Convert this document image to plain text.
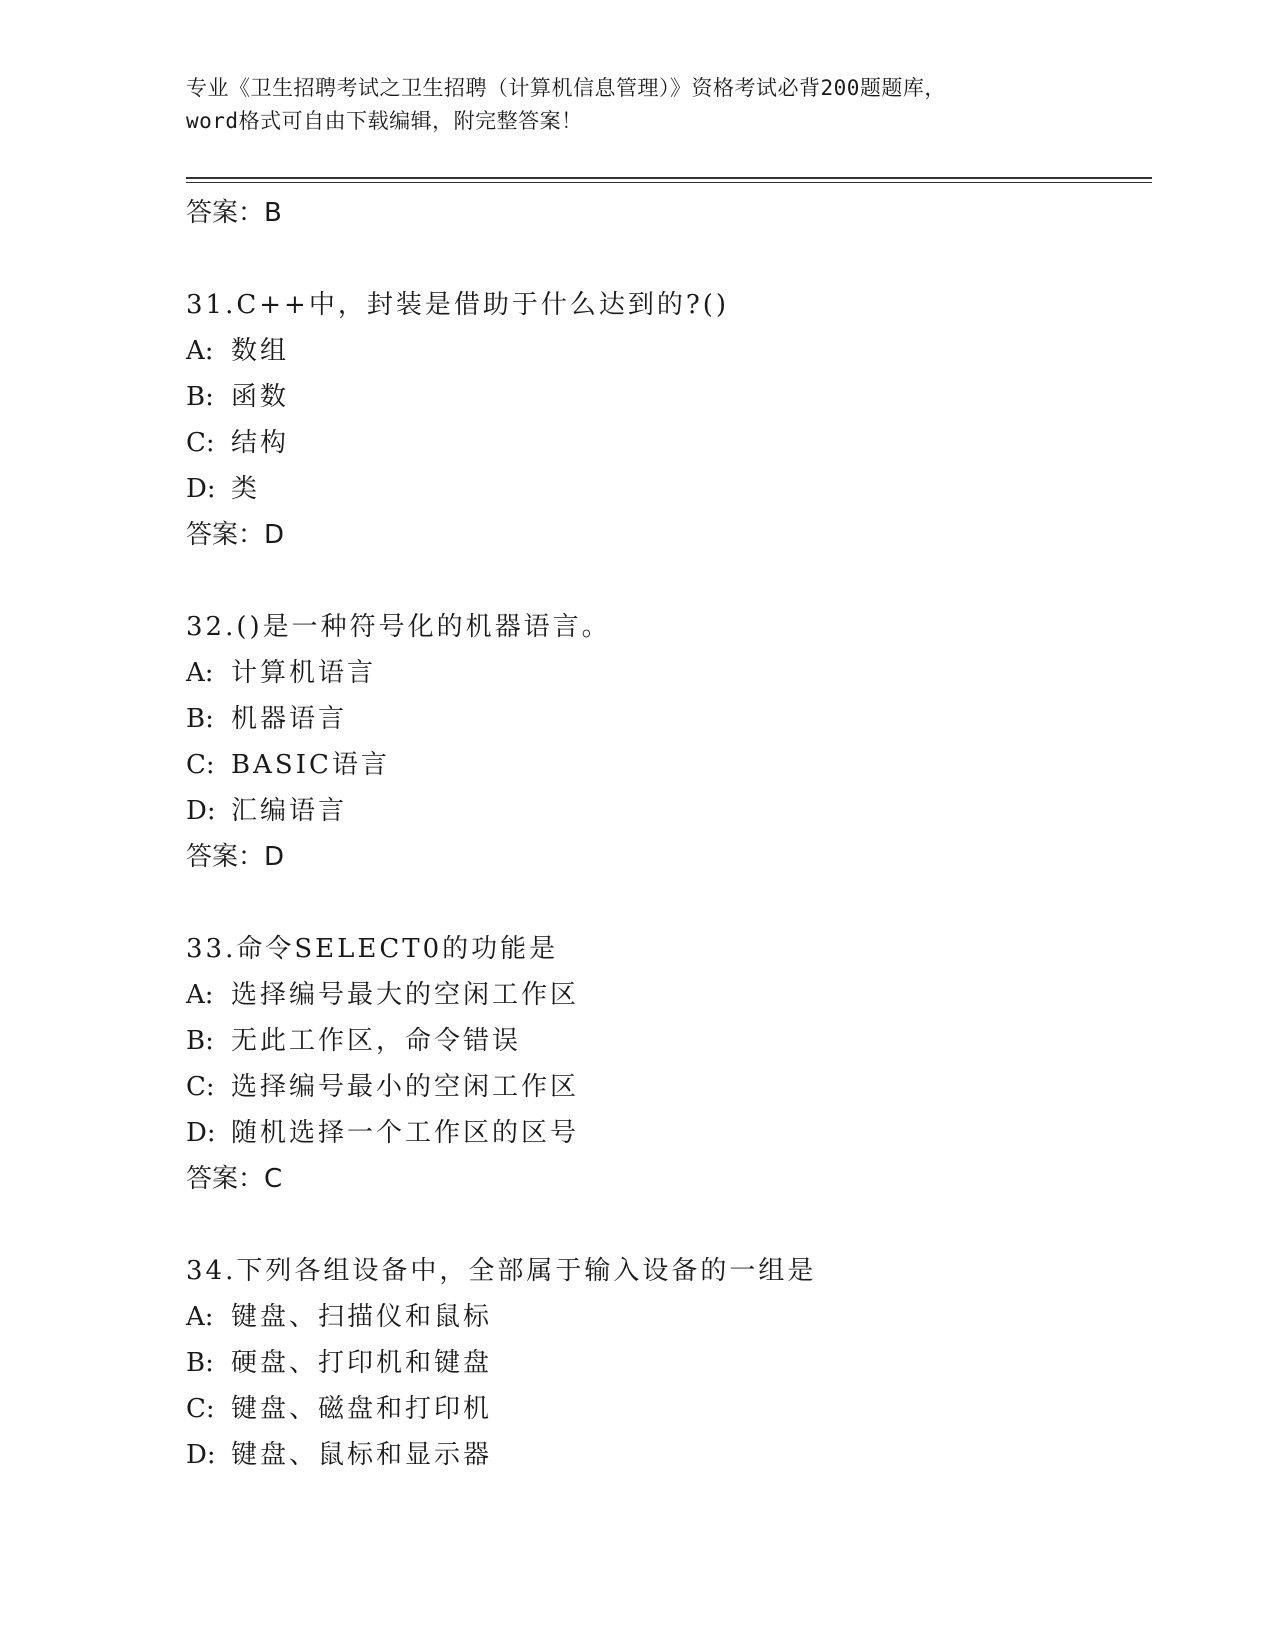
专业《卫生招聘考试之卫生招聘（计算机信息管理）》资格考试必背200题题库，
word格式可自由下载编辑，附完整答案！
答案：B
31.C++中，封装是借助于什么达到的?()
A: 数组
B: 函数
C: 结构
D: 类
答案：D
32.()是一种符号化的机器语言。
A: 计算机语言
B: 机器语言
C: BASIC语言
D: 汇编语言
答案：D
33.命令SELECT0的功能是
A: 选择编号最大的空闲工作区
B: 无此工作区，命令错误
C: 选择编号最小的空闲工作区
D: 随机选择一个工作区的区号
答案：C
34.下列各组设备中，全部属于输入设备的一组是
A: 键盘、扫描仪和鼠标
B: 硬盘、打印机和键盘
C: 键盘、磁盘和打印机
D: 键盘、鼠标和显示器
